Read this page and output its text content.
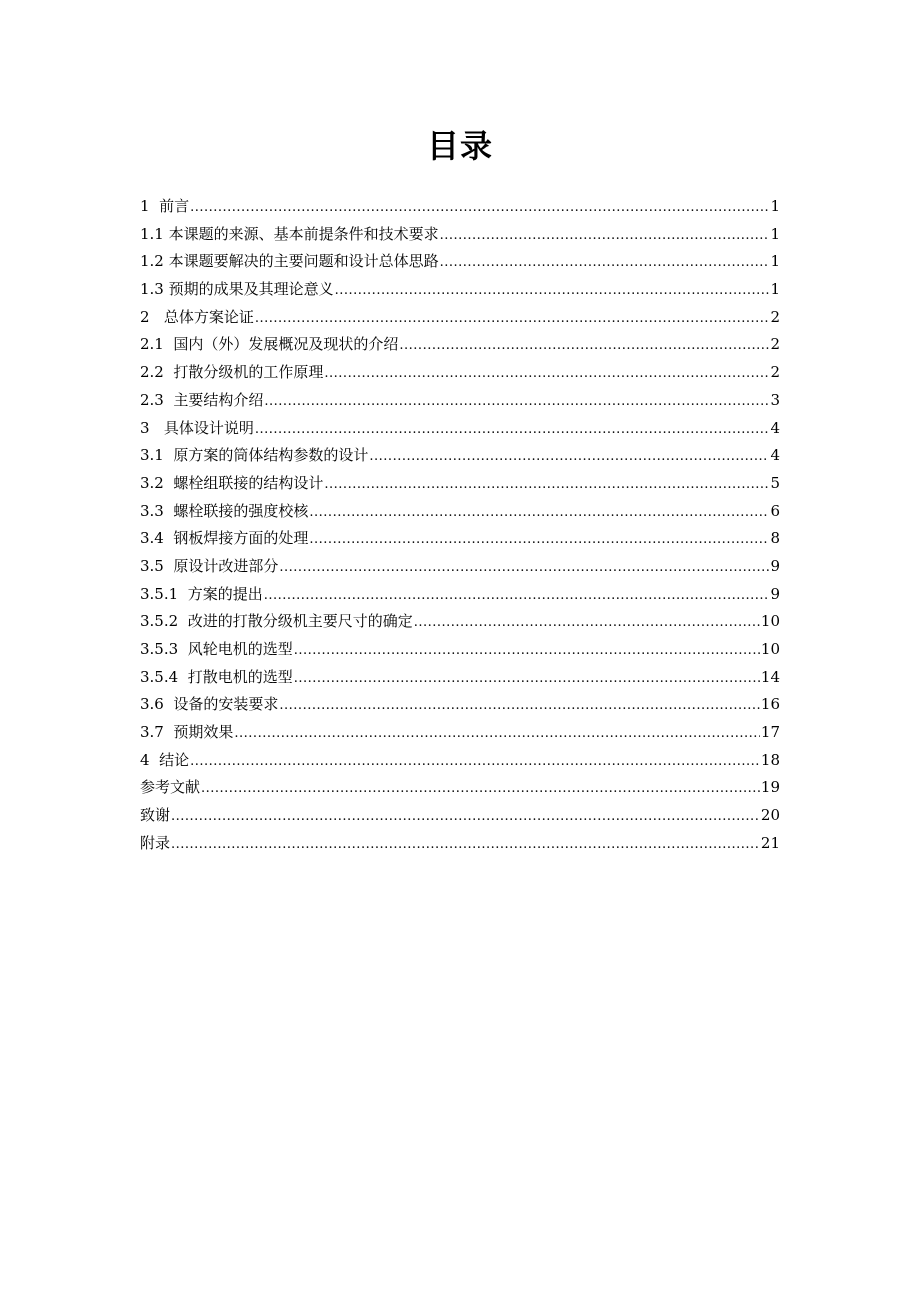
目录
1  前言 .....	1
1.1 本课题的来源、基本前提条件和技术要求 .....	1
1.2 本课题要解决的主要问题和设计总体思路 .....	1
1.3 预期的成果及其理论意义 .....	1
2   总体方案论证 .....	2
2.1  国内（外）发展概况及现状的介绍 .....	2
2.2  打散分级机的工作原理 .....	2
2.3  主要结构介绍 .....	3
3   具体设计说明 .....	4
3.1  原方案的筒体结构参数的设计 .....	4
3.2  螺栓组联接的结构设计 .....	5
3.3  螺栓联接的强度校核 .....	6
3.4  钢板焊接方面的处理 .....	8
3.5  原设计改进部分 .....	9
3.5.1  方案的提出 .....	9
3.5.2  改进的打散分级机主要尺寸的确定 .....	10
3.5.3  风轮电机的选型 .....	10
3.5.4  打散电机的选型 .....	14
3.6  设备的安装要求 .....	16
3.7  预期效果 .....	17
4  结论 .....	18
参考文献 .....	19
致谢 .....	20
附录 .....	21
